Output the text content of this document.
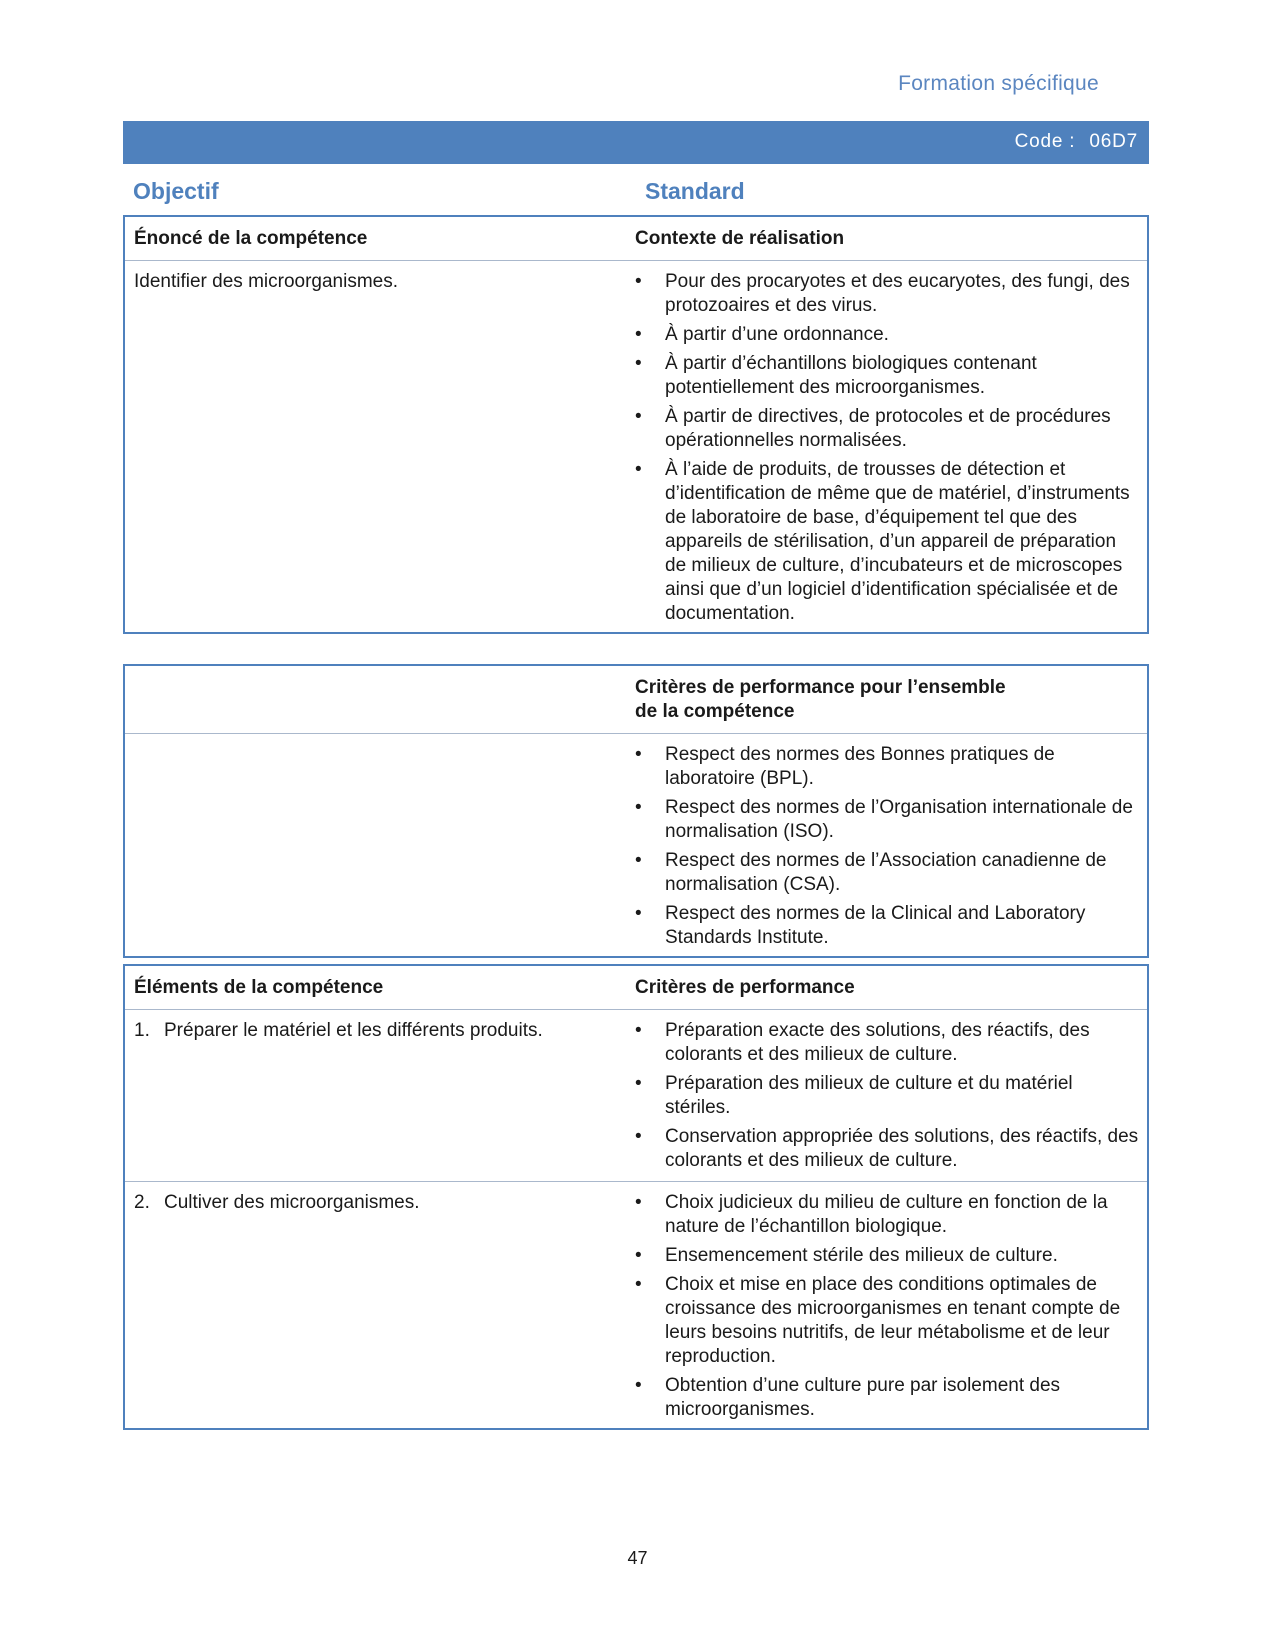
Formation spécifique
Code : 06D7
Objectif	Standard
Énoncé de la compétence	Contexte de réalisation
Identifier des microorganismes.	• Pour des procaryotes et des eucaryotes, des fungi, des protozoaires et des virus.
• À partir d’une ordonnance.
• À partir d’échantillons biologiques contenant potentiellement des microorganismes.
• À partir de directives, de protocoles et de procédures opérationnelles normalisées.
• À l’aide de produits, de trousses de détection et d’identification de même que de matériel, d’instruments de laboratoire de base, d’équipement tel que des appareils de stérilisation, d’un appareil de préparation de milieux de culture, d’incubateurs et de microscopes ainsi que d’un logiciel d’identification spécialisée et de documentation.
Critères de performance pour l’ensemble
de la compétence
• Respect des normes des Bonnes pratiques de laboratoire (BPL).
• Respect des normes de l’Organisation internationale de normalisation (ISO).
• Respect des normes de l’Association canadienne de normalisation (CSA).
• Respect des normes de la Clinical and Laboratory Standards Institute.
Éléments de la compétence	Critères de performance
1. Préparer le matériel et les différents produits.	• Préparation exacte des solutions, des réactifs, des colorants et des milieux de culture.
• Préparation des milieux de culture et du matériel stériles.
• Conservation appropriée des solutions, des réactifs, des colorants et des milieux de culture.
2. Cultiver des microorganismes.	• Choix judicieux du milieu de culture en fonction de la nature de l’échantillon biologique.
• Ensemencement stérile des milieux de culture.
• Choix et mise en place des conditions optimales de croissance des microorganismes en tenant compte de leurs besoins nutritifs, de leur métabolisme et de leur reproduction.
• Obtention d’une culture pure par isolement des microorganismes.
47
